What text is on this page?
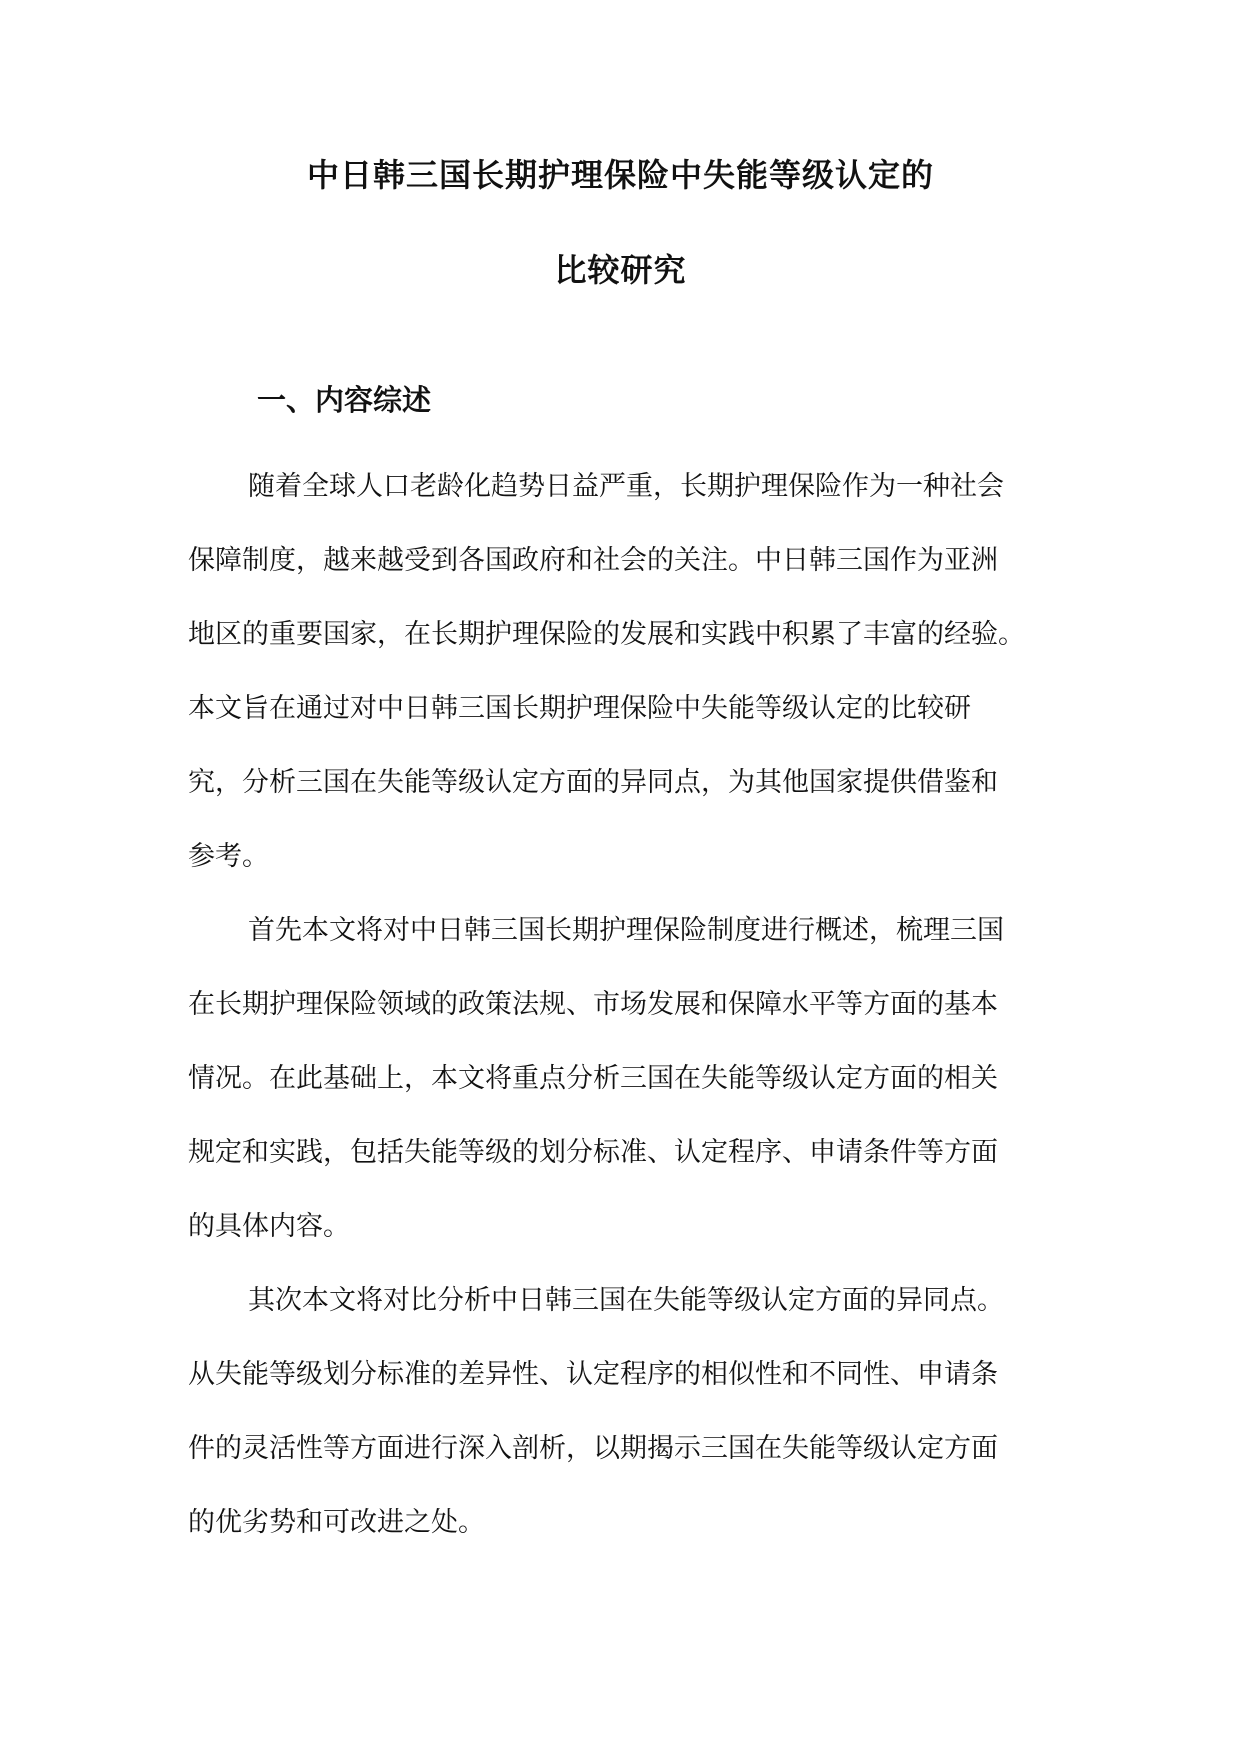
中日韩三国长期护理保险中失能等级认定的
比较研究
一、内容综述
随着全球人口老龄化趋势日益严重，长期护理保险作为一种社会
保障制度，越来越受到各国政府和社会的关注。中日韩三国作为亚洲
地区的重要国家，在长期护理保险的发展和实践中积累了丰富的经验。
本文旨在通过对中日韩三国长期护理保险中失能等级认定的比较研
究，分析三国在失能等级认定方面的异同点，为其他国家提供借鉴和
参考。
首先本文将对中日韩三国长期护理保险制度进行概述，梳理三国
在长期护理保险领域的政策法规、市场发展和保障水平等方面的基本
情况。在此基础上，本文将重点分析三国在失能等级认定方面的相关
规定和实践，包括失能等级的划分标准、认定程序、申请条件等方面
的具体内容。
其次本文将对比分析中日韩三国在失能等级认定方面的异同点。
从失能等级划分标准的差异性、认定程序的相似性和不同性、申请条
件的灵活性等方面进行深入剖析，以期揭示三国在失能等级认定方面
的优劣势和可改进之处。
